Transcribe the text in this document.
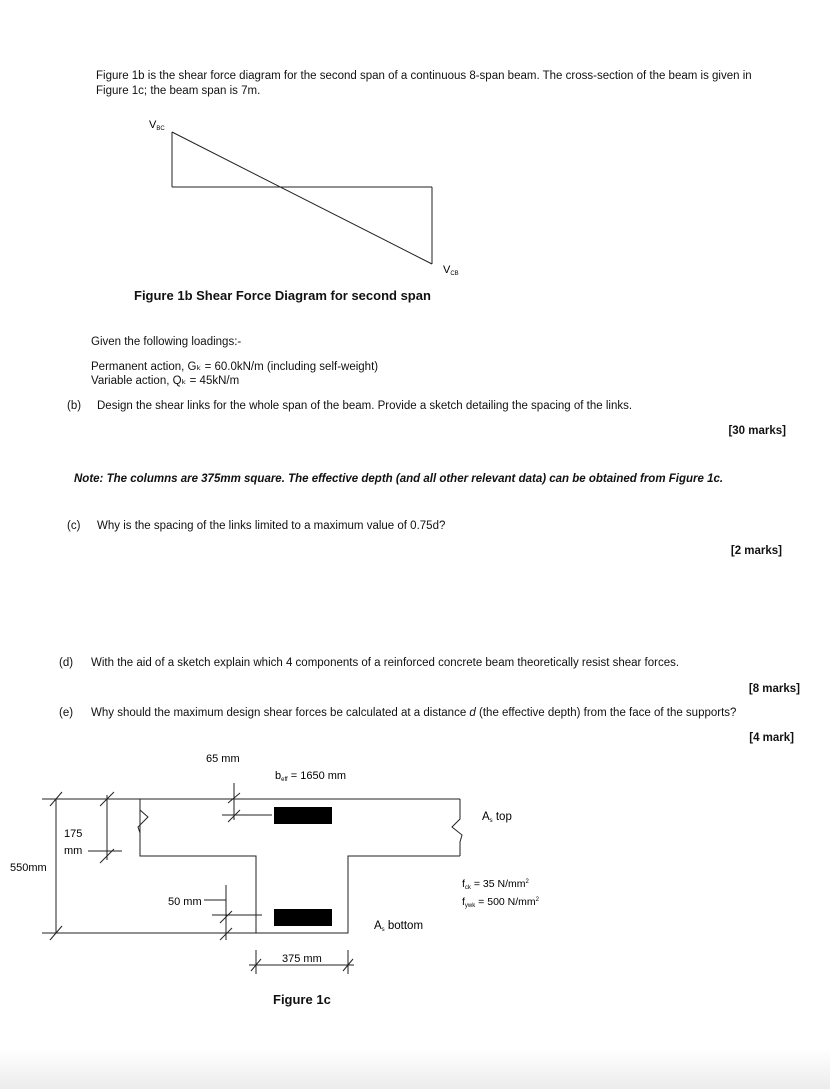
Figure 1b is the shear force diagram for the second span of a continuous 8-span beam. The cross-section of the beam is given in
Figure 1c; the beam span is 7m.
VBC
VCB
Figure 1b Shear Force Diagram for second span
Given the following loadings:-
Permanent action, Gₖ = 60.0kN/m (including self-weight)
Variable action, Qₖ = 45kN/m
(b) Design the shear links for the whole span of the beam. Provide a sketch detailing the spacing of the links.
[30 marks]
Note: The columns are 375mm square. The effective depth (and all other relevant data) can be obtained from Figure 1c.
(c) Why is the spacing of the links limited to a maximum value of 0.75d?
[2 marks]
(d) With the aid of a sketch explain which 4 components of a reinforced concrete beam theoretically resist shear forces.
[8 marks]
(e) Why should the maximum design shear forces be calculated at a distance d (the effective depth) from the face of the supports?
[4 mark]
65 mm
beff = 1650 mm
175
mm
550mm
50 mm
375 mm
As top
As bottom
fck = 35 $N/mm^2$
fywk = 500 $N/mm^2$
Figure 1c
